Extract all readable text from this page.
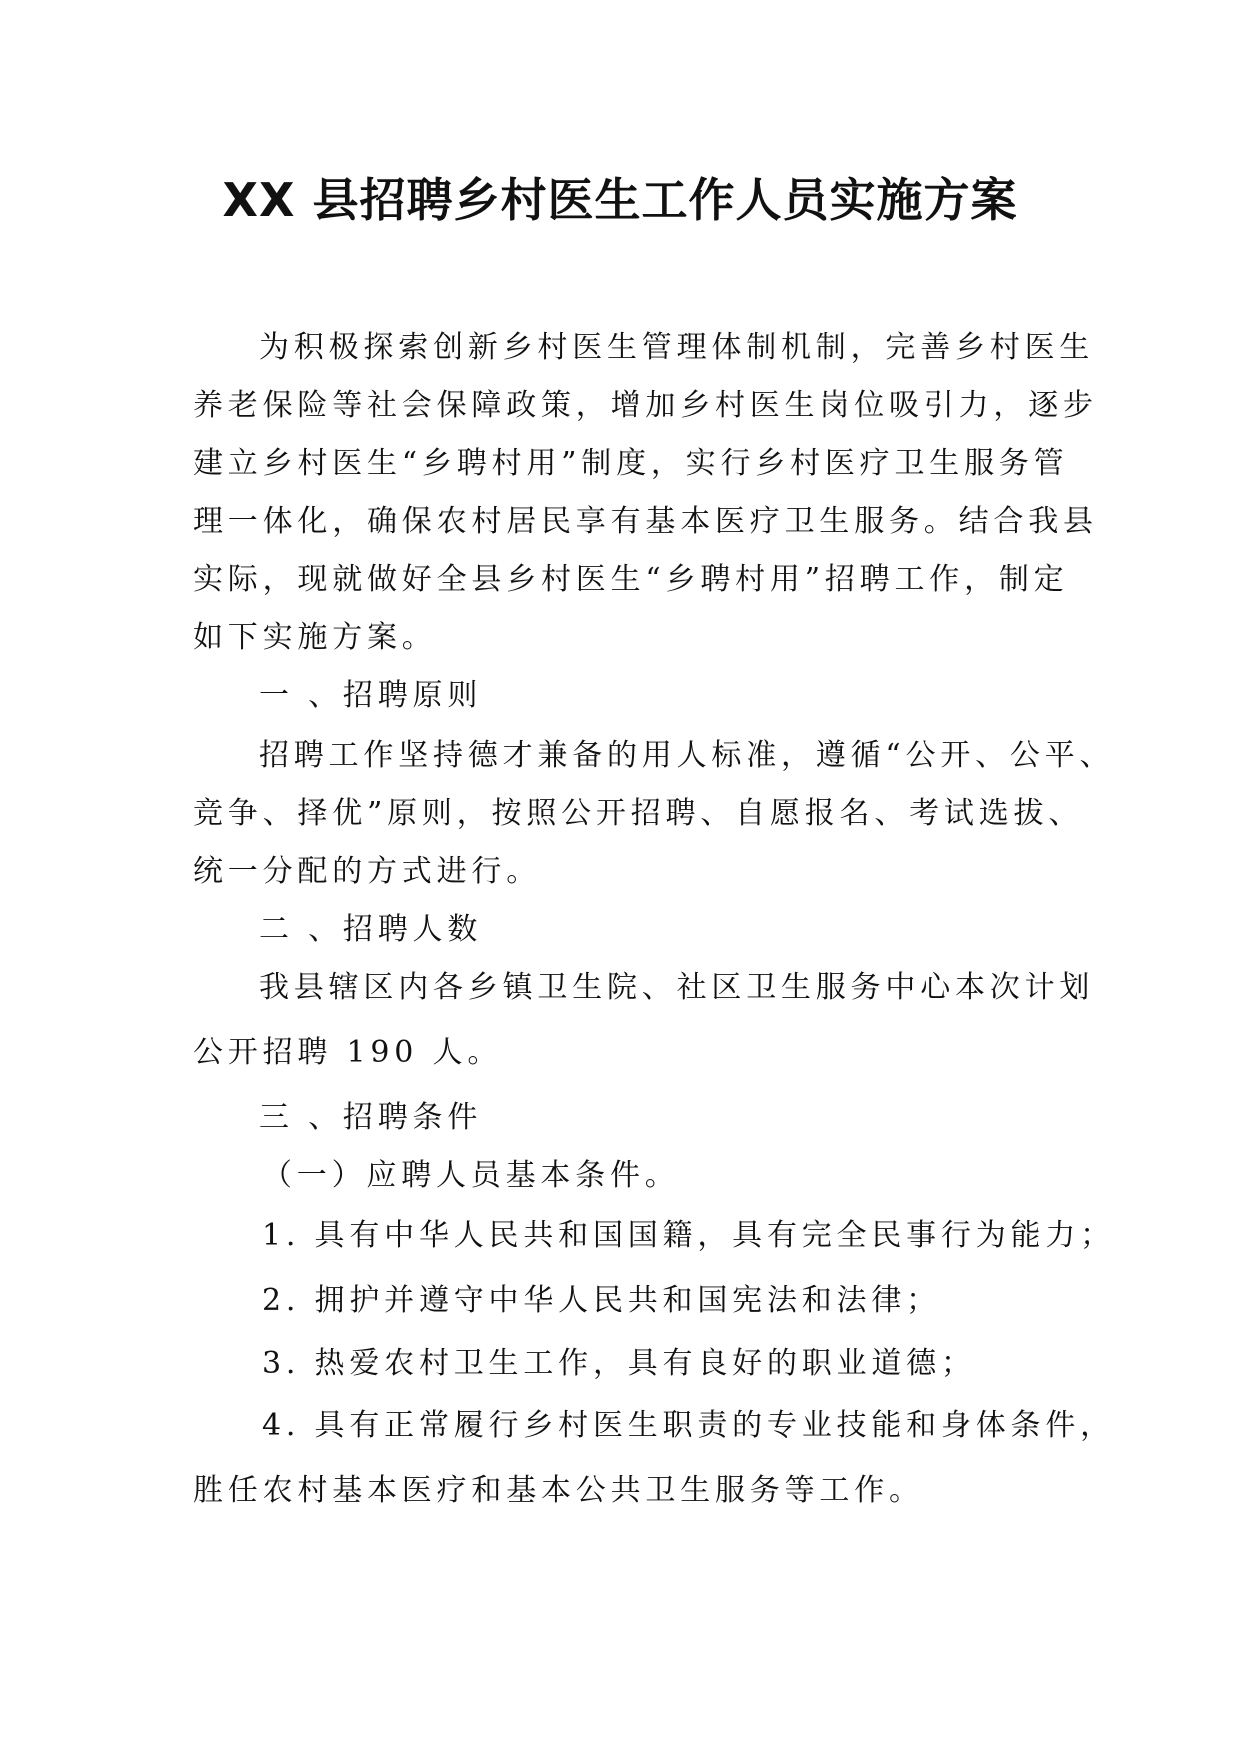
XX 县招聘乡村医生工作人员实施方案
为积极探索创新乡村医生管理体制机制，完善乡村医生
养老保险等社会保障政策，增加乡村医生岗位吸引力，逐步
建立乡村医生“乡聘村用”制度，实行乡村医疗卫生服务管
理一体化，确保农村居民享有基本医疗卫生服务。结合我县
实际，现就做好全县乡村医生“乡聘村用”招聘工作，制定
如下实施方案。
一 、招聘原则
招聘工作坚持德才兼备的用人标准，遵循“公开、公平、
竞争、择优”原则，按照公开招聘、自愿报名、考试选拔、
统一分配的方式进行。
二 、招聘人数
我县辖区内各乡镇卫生院、社区卫生服务中心本次计划
公开招聘 190 人。
三 、招聘条件
（一）应聘人员基本条件。
1. 具有中华人民共和国国籍，具有完全民事行为能力；
2. 拥护并遵守中华人民共和国宪法和法律；
3. 热爱农村卫生工作，具有良好的职业道德；
4. 具有正常履行乡村医生职责的专业技能和身体条件，
胜任农村基本医疗和基本公共卫生服务等工作。
